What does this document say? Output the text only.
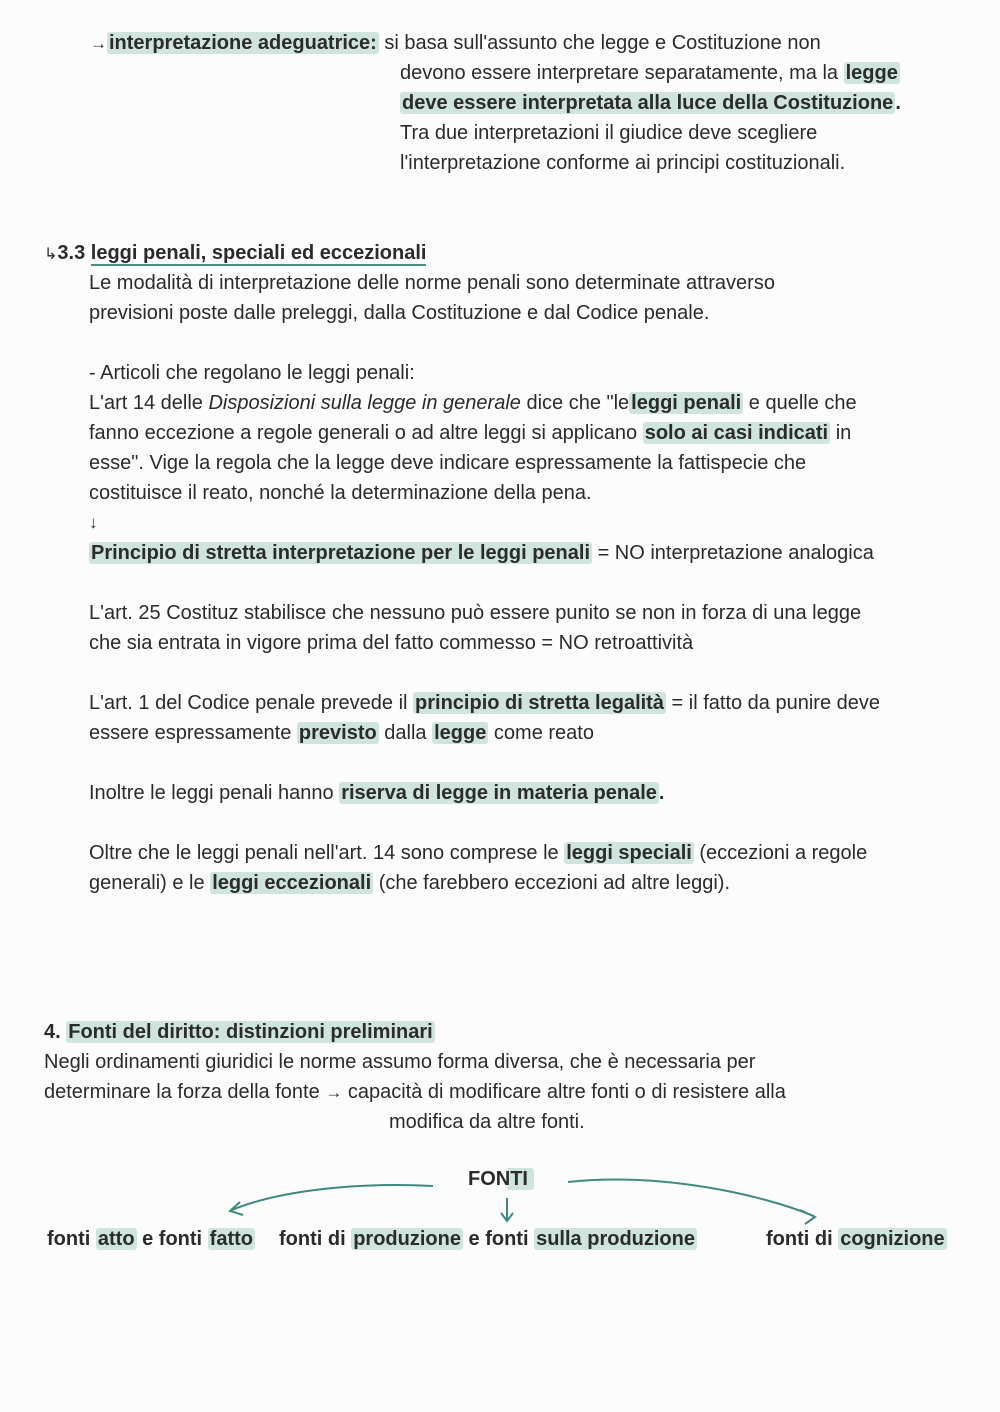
→ interpretazione adeguatrice: si basa sull'assunto che legge e Costituzione non
devono essere interpretare separatamente, ma la legge
deve essere interpretata alla luce della Costituzione .
Tra due interpretazioni il giudice deve scegliere
l'interpretazione conforme ai principi costituzionali.
↳3.3 leggi penali, speciali ed eccezionali
Le modalità di interpretazione delle norme penali sono determinate attraverso
previsioni poste dalle preleggi, dalla Costituzione e dal Codice penale.
- Articoli che regolano le leggi penali:
L'art 14 delle Disposizioni sulla legge in generale dice che "le leggi penali e quelle che
fanno eccezione a regole generali o ad altre leggi si applicano solo ai casi indicati in
esse". Vige la regola che la legge deve indicare espressamente la fattispecie che
costituisce il reato, nonché la determinazione della pena.
↓
Principio di stretta interpretazione per le leggi penali = NO interpretazione analogica
L'art. 25 Costituz stabilisce che nessuno può essere punito se non in forza di una legge
che sia entrata in vigore prima del fatto commesso = NO retroattività
L'art. 1 del Codice penale prevede il principio di stretta legalità = il fatto da punire deve
essere espressamente previsto dalla legge come reato
Inoltre le leggi penali hanno riserva di legge in materia penale .
Oltre che le leggi penali nell'art. 14 sono comprese le leggi speciali (eccezioni a regole
generali) e le leggi eccezionali (che farebbero eccezioni ad altre leggi).
4. Fonti del diritto: distinzioni preliminari
Negli ordinamenti giuridici le norme assumo forma diversa, che è necessaria per
determinare la forza della fonte → capacità di modificare altre fonti o di resistere alla
modifica da altre fonti.
FONTI
fonti atto e fonti fatto fonti di produzione e fonti sulla produzione	fonti di cognizione
